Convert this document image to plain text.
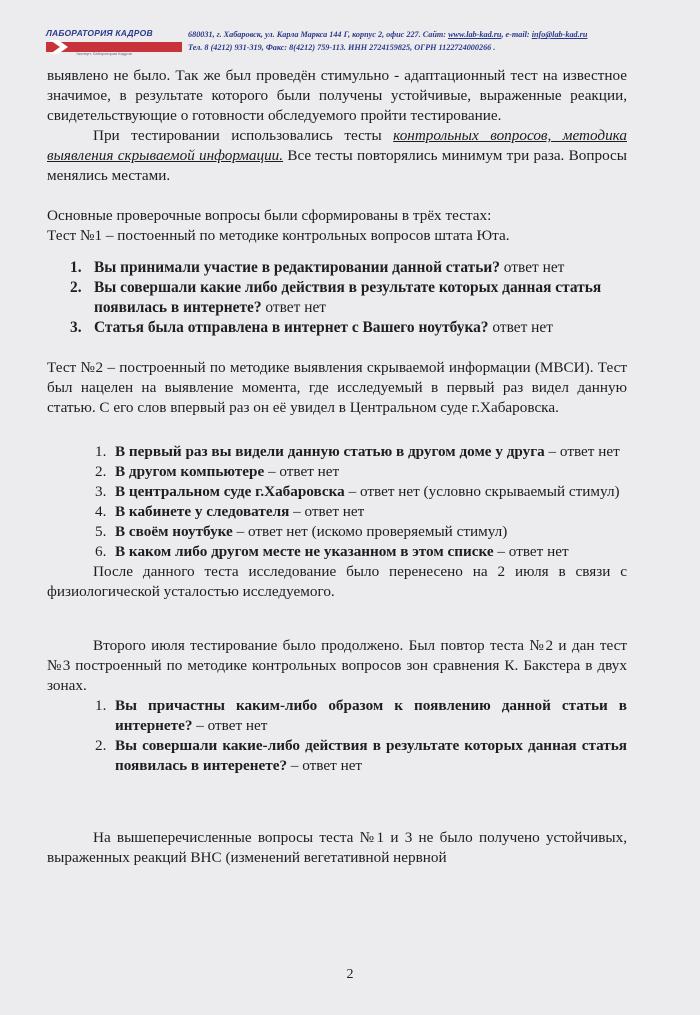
ЛАБОРАТОРИЯ КАДРОВ
Эксперт. Лаборатория Кадров
680031, г. Хабаровск, ул. Карла Маркса 144 Г, корпус 2, офис 227. Сайт: www.lab-kad.ru, e-mail: info@lab-kad.ru
Тел. 8 (4212) 931-319, Факс: 8(4212) 759-113. ИНН 2724159825, ОГРН 1122724000266 .

выявлено не было. Так же был проведён стимульно - адаптационный тест на известное значимое, в результате которого были получены устойчивые, выраженные реакции, свидетельствующие о готовности обследуемого пройти тестирование.

При тестировании использовались тесты контрольных вопросов, методика выявления скрываемой информации. Все тесты повторялись минимум три раза. Вопросы менялись местами.

Основные проверочные вопросы были сформированы в трёх тестах:

Тест №1 – постоенный по методике контрольных вопросов штата Юта.

1. Вы принимали участие в редактировании данной статьи? ответ нет
2. Вы совершали какие либо действия в результате которых данная статья появилась в интернете? ответ нет
3. Статья была отправлена в интернет с Вашего ноутбука? ответ нет

Тест №2 – построенный по методике выявления скрываемой информации (МВСИ). Тест был нацелен на выявление момента, где исследуемый в первый раз видел данную статью. С его слов впервый раз он её увидел в Центральном суде г.Хабаровска.

1. В первый раз вы видели данную статью в другом доме у друга – ответ нет
2. В другом компьютере – ответ нет
3. В центральном суде г.Хабаровска – ответ нет (условно скрываемый стимул)
4. В кабинете у следователя – ответ нет
5. В своём ноутбуке – ответ нет (искомо проверяемый стимул)
6. В каком либо другом месте не указанном в этом списке – ответ нет

После данного теста исследование было перенесено на 2 июля в связи с физиологической усталостью исследуемого.

Второго июля тестирование было продолжено. Был повтор теста №2 и дан тест №3 построенный по методике контрольных вопросов зон сравнения К. Бакстера в двух зонах.

1. Вы причастны каким-либо образом к появлению данной статьи в интернете? – ответ нет
2. Вы совершали какие-либо действия в результате которых данная статья появилась в интеренете? – ответ нет

На вышеперечисленные вопросы теста №1 и 3 не было получено устойчивых, выраженных реакций ВНС (изменений вегетативной нервной

2
